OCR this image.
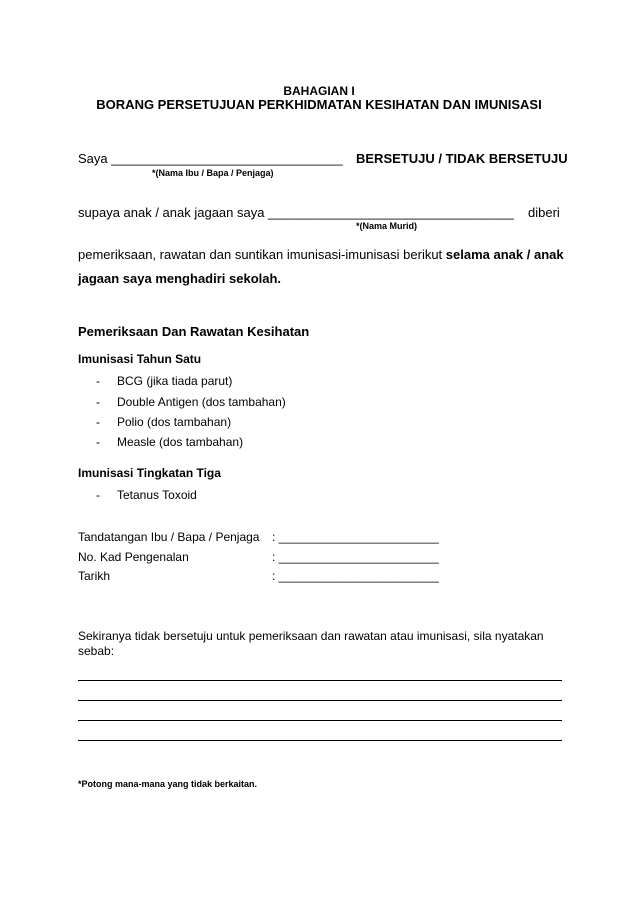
BAHAGIAN I
BORANG PERSETUJUAN PERKHIDMATAN KESIHATAN DAN IMUNISASI
Saya ________________________________ BERSETUJU / TIDAK BERSETUJU
*(Nama Ibu / Bapa / Penjaga)
supaya anak / anak jagaan saya __________________________________ diberi
*(Nama Murid)
pemeriksaan, rawatan dan suntikan imunisasi-imunisasi berikut selama anak / anak
jagaan saya menghadiri sekolah.
Pemeriksaan Dan Rawatan Kesihatan
Imunisasi Tahun Satu
- BCG (jika tiada parut)
- Double Antigen (dos tambahan)
- Polio (dos tambahan)
- Measle (dos tambahan)
Imunisasi Tingkatan Tiga
- Tetanus Toxoid
Tandatangan Ibu / Bapa / Penjaga : ________________________
No. Kad Pengenalan	: ________________________
Tarikh	: ________________________
Sekiranya tidak bersetuju untuk pemeriksaan dan rawatan atau imunisasi, sila nyatakan
sebab:
*Potong mana-mana yang tidak berkaitan.
